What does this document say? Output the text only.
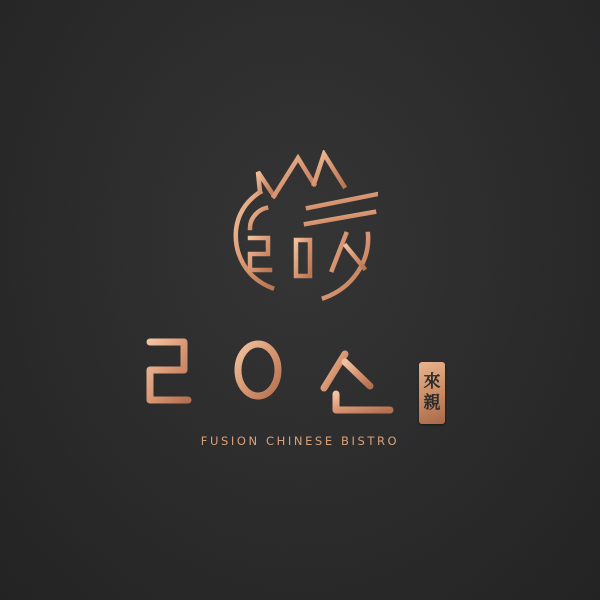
來
親
FUSION CHINESE BISTRO
